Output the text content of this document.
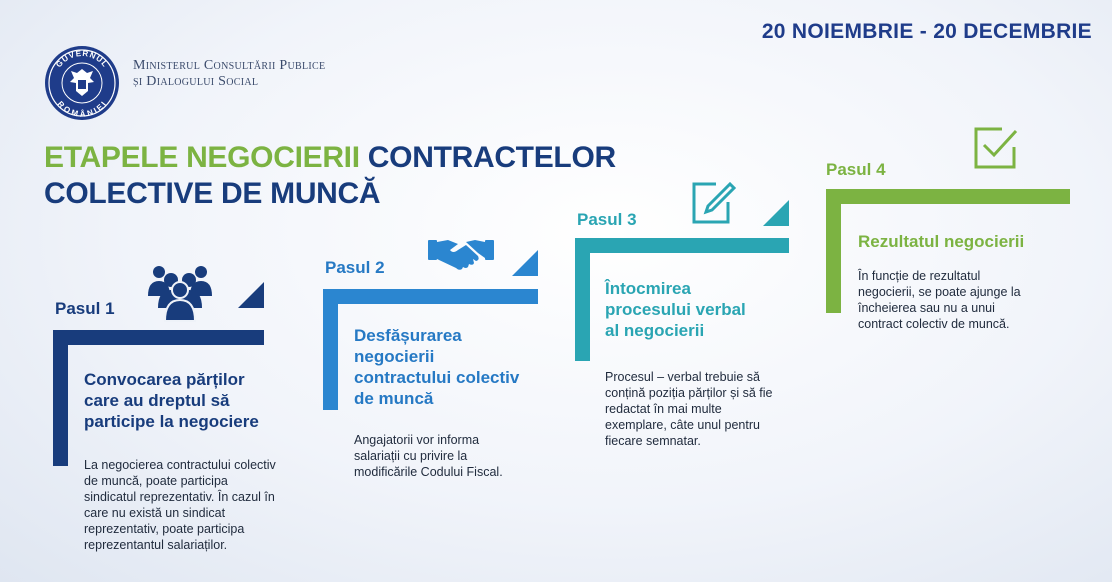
20 NOIEMBRIE - 20 DECEMBRIE
GUVERNUL
ROMÂNIEI
Ministerul Consultării Publice
și Dialogului Social
ETAPELE NEGOCIERII CONTRACTELOR
COLECTIVE DE MUNCĂ
Pasul 1
Convocarea părților
care au dreptul să
participe la negociere
La negocierea contractului colectiv
de muncă, poate participa
sindicatul reprezentativ. În cazul în
care nu există un sindicat
reprezentativ, poate participa
reprezentantul salariaților.
Pasul 2
Desfășurarea
negocierii
contractului colectiv
de muncă
Angajatorii vor informa
salariații cu privire la
modificările Codului Fiscal.
Pasul 3
Întocmirea
procesului verbal
al negocierii
Procesul – verbal trebuie să
conțină poziția părților și să fie
redactat în mai multe
exemplare, câte unul pentru
fiecare semnatar.
Pasul 4
Rezultatul negocierii
În funcție de rezultatul
negocierii, se poate ajunge la
încheierea sau nu a unui
contract colectiv de muncă.
